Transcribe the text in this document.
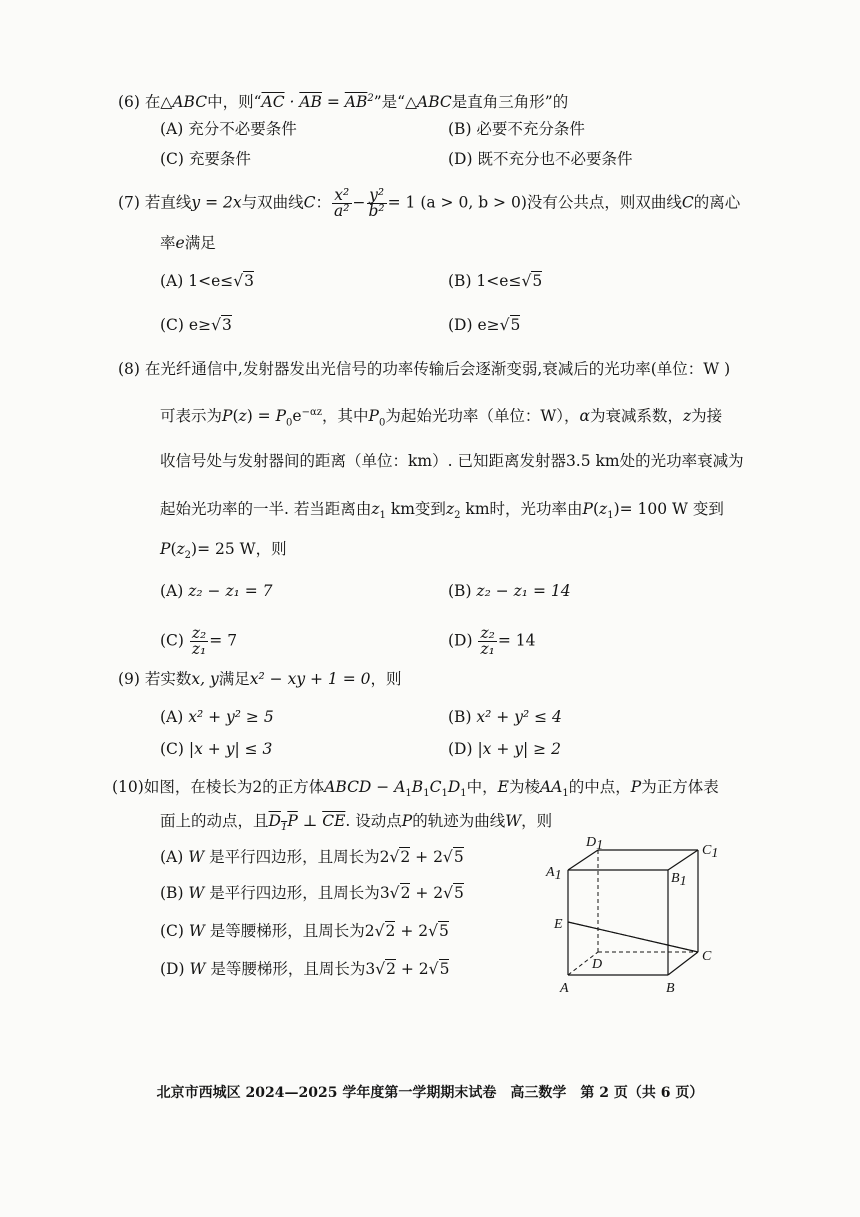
(6) 在△ABC中，则“$\overline{AC} \cdot \overline{AB} = \overline{AB}^2$”是“△ABC是直角三角形”的
(A) 充分不必要条件	(B) 必要不充分条件
(C) 充要条件	(D) 既不充分也不必要条件
(7) 若直线y = 2x与双曲线C： $\frac{\text{x²}}{\text{a²}} - \frac{\text{y²}}{\text{b²}} = 1$ (a > 0, b > 0)没有公共点，则双曲线C的离心
率e满足
(A) 1<e≤√3	(B) 1<e≤√5
(C) e≥√3	(D) e≥√5
(8) 在光纤通信中,发射器发出光信号的功率传输后会逐渐变弱,衰减后的光功率(单位：W )
可表示为$P(z) = P_0e^{-\alpha z}$，其中$P_0$为起始光功率（单位：W），α为衰减系数，z为接
收信号处与发射器间的距离（单位：km）. 已知距离发射器3.5 km处的光功率衰减为
起始光功率的一半. 若当距离由$z_1$ km变到$z_2$ km时，光功率由$P(z_1)= 100$ W 变到
$P(z_2)= 25$ W，则
(A) z₂ − z₁ = 7	(B) z₂ − z₁ = 14
$(C) \frac{\text{z₂}}{\text{z₁}} = 7$	$(D) \frac{\text{z₂}}{\text{z₁}} = 14$
(9) 若实数x, y满足x² − xy + 1 = 0，则
(A) x² + y² ≥ 5	(B) x² + y² ≤ 4
(C) |x + y| ≤ 3	(D) |x + y| ≥ 2
(10)如图，在棱长为2的正方体ABCD − $A_1B_1C_1D_1$中，E为棱$AA_1$的中点，P为正方体表
面上的动点，且$D_1P$ ⊥ $\overline{CE}$. 设动点P的轨迹为曲线W，则
(A) W 是平行四边形，且周长为2√2 + 2√5
(B) W 是平行四边形，且周长为3√2 + 2√5
(C) W 是等腰梯形，且周长为2√2 + 2√5
(D) W 是等腰梯形，且周长为3√2 + 2√5
D1	C1
A1	B1
E
C
D
A	B
北京市西城区 2024—2025 学年度第一学期期末试卷　高三数学　第 2 页（共 6 页）
